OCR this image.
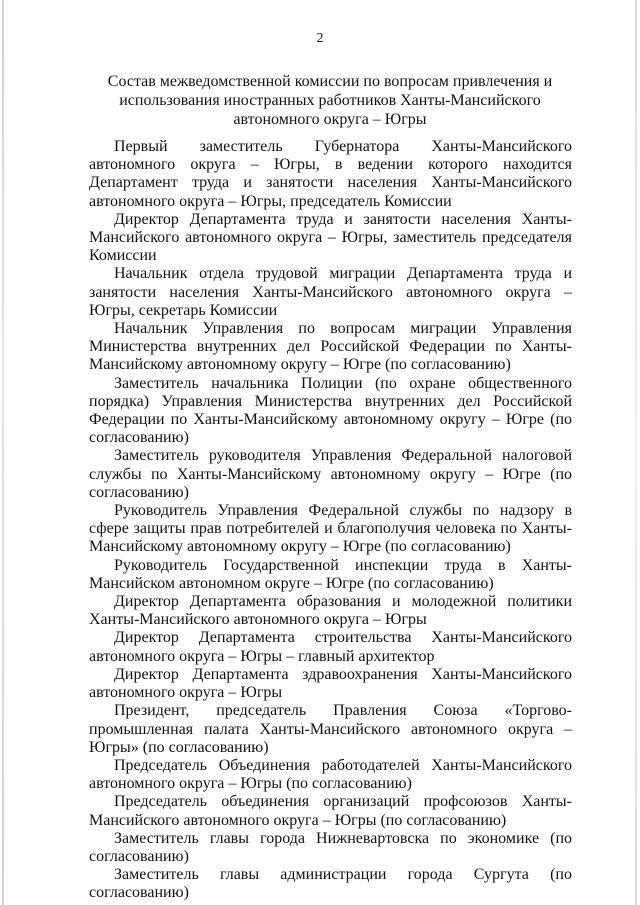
2
Состав межведомственной комиссии по вопросам привлечения и использования иностранных работников Ханты-Мансийского автономного округа – Югры

Первый заместитель Губернатора Ханты-Мансийского автономного округа – Югры, в ведении которого находится Департамент труда и занятости населения Ханты-Мансийского автономного округа – Югры, председатель Комиссии

Директор Департамента труда и занятости населения Ханты-Мансийского автономного округа – Югры, заместитель председателя Комиссии

Начальник отдела трудовой миграции Департамента труда и занятости населения Ханты-Мансийского автономного округа – Югры, секретарь Комиссии

Начальник Управления по вопросам миграции Управления Министерства внутренних дел Российской Федерации по Ханты-Мансийскому автономному округу – Югре (по согласованию)

Заместитель начальника Полиции (по охране общественного порядка) Управления Министерства внутренних дел Российской Федерации по Ханты-Мансийскому автономному округу – Югре (по согласованию)

Заместитель руководителя Управления Федеральной налоговой службы по Ханты-Мансийскому автономному округу – Югре (по согласованию)

Руководитель Управления Федеральной службы по надзору в сфере защиты прав потребителей и благополучия человека по Ханты-Мансийскому автономному округу – Югре (по согласованию)

Руководитель Государственной инспекции труда в Ханты-Мансийском автономном округе – Югре (по согласованию)

Директор Департамента образования и молодежной политики Ханты-Мансийского автономного округа – Югры

Директор Департамента строительства Ханты-Мансийского автономного округа – Югры – главный архитектор

Директор Департамента здравоохранения Ханты-Мансийского автономного округа – Югры

Президент, председатель Правления Союза «Торгово-промышленная палата Ханты-Мансийского автономного округа – Югры» (по согласованию)

Председатель Объединения работодателей Ханты-Мансийского автономного округа – Югры (по согласованию)

Председатель объединения организаций профсоюзов Ханты-Мансийского автономного округа – Югры (по согласованию)

Заместитель главы города Нижневартовска по экономике (по согласованию)

Заместитель главы администрации города Сургута (по согласованию)
